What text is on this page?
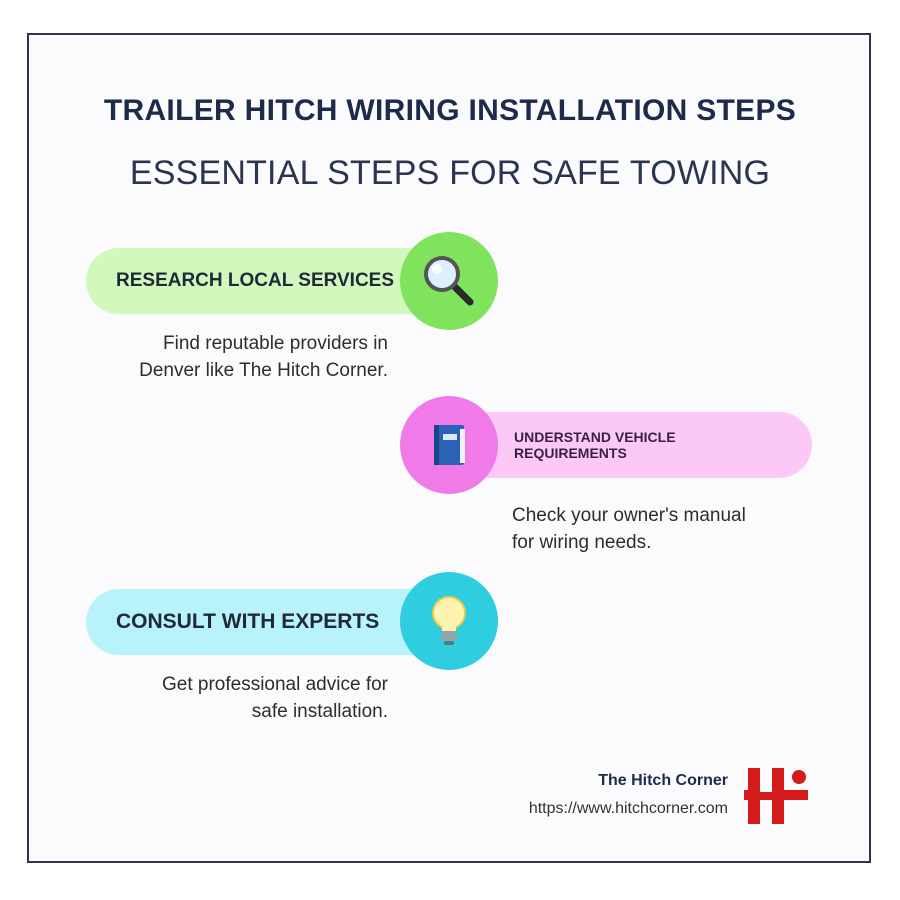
TRAILER HITCH WIRING INSTALLATION STEPS
ESSENTIAL STEPS FOR SAFE TOWING
RESEARCH LOCAL SERVICES
Find reputable providers in
Denver like The Hitch Corner.
UNDERSTAND VEHICLE
REQUIREMENTS
Check your owner's manual
for wiring needs.
CONSULT WITH EXPERTS
Get professional advice for
safe installation.
The Hitch Corner
https://www.hitchcorner.com
